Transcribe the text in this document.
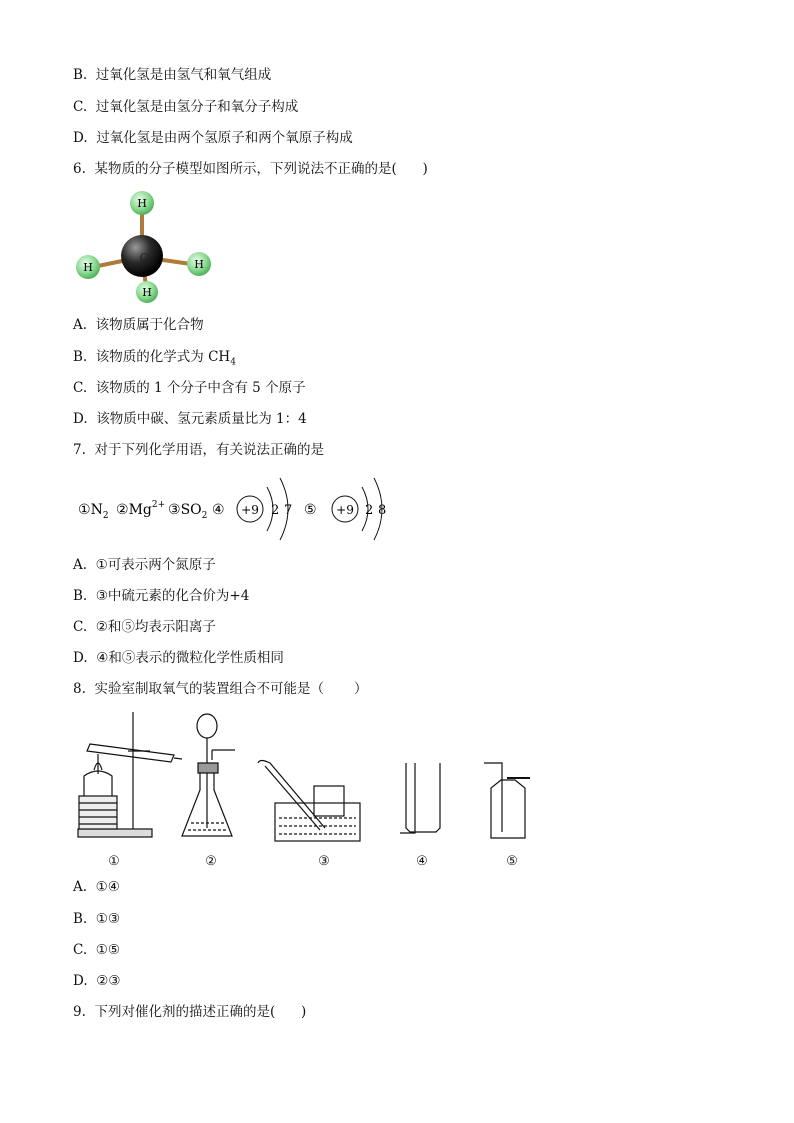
B.  过氧化氢是由氢气和氧气组成
C.  过氧化氢是由氢分子和氧分子构成
D.  过氧化氢是由两个氢原子和两个氧原子构成
6.  某物质的分子模型如图所示，下列说法不正确的是(      )
H
H
C
H
H
A.  该物质属于化合物
B.  该物质的化学式为 $CH_4$
C.  该物质的 1 个分子中含有 5 个原子
D.  该物质中碳、氢元素质量比为 1：4
7.  对于下列化学用语，有关说法正确的是
$①N_2$ $②Mg^{2+}$ $③SO_2$ ④ +9 2 7 ⑤ +9 2 8
A.  ①可表示两个氮原子
B.  ③中硫元素的化合价为+4
C.  ②和⑤均表示阳离子
D.  ④和⑤表示的微粒化学性质相同
8.  实验室制取氧气的装置组合不可能是（       ）
①	②	③	④	⑤
A.  ①④
B.  ①③
C.  ①⑤
D.  ②③
9.  下列对催化剂的描述正确的是(      )
